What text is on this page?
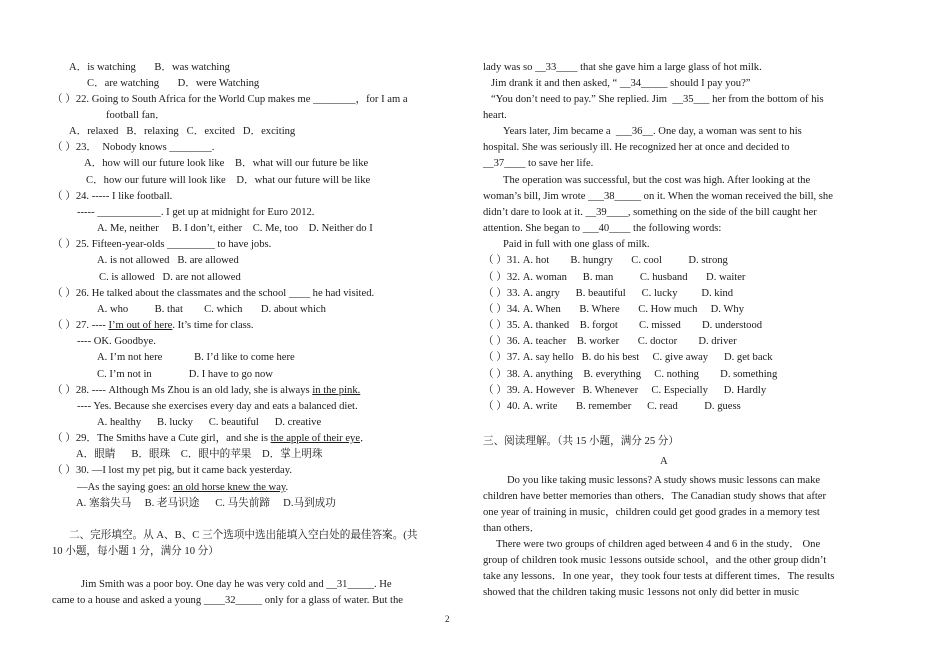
A．is watching       B．was watching
C．are watching       D．were Watching
（ ）22. Going to South Africa for the World Cup makes me ________，for I am a
football fan．
A．relaxed   B．relaxing   C．excited   D．exciting
（ ）23．  Nobody knows ________.
A．how will our future look like    B．what will our future be like
C．how our future will look like    D．what our future will be like
（ ）24. ----- I like football.
----- ____________. I get up at midnight for Euro 2012.
A. Me, neither     B. I don’t, either    C. Me, too    D. Neither do I
（ ）25. Fifteen-year-olds _________ to have jobs.
A. is not allowed   B. are allowed
C. is allowed   D. are not allowed
（ ）26. He talked about the classmates and the school ____ he had visited.
A. who          B. that        C. which       D. about which
（ ）27. ---- I’m out of here. It’s time for class.
---- OK. Goodbye.
A. I’m not here            B. I’d like to come here
C. I’m not in              D. I have to go now
（ ）28. ---- Although Ms Zhou is an old lady, she is always in the pink.
---- Yes. Because she exercises every day and eats a balanced diet.
A. healthy      B. lucky      C. beautiful      D. creative
（ ）29．The Smiths have a Cute girl，and she is the apple of their eye．
A．眼睛      B．眼珠    C．眼中的苹果    D．掌上明珠
（ ）30. —I lost my pet pig, but it came back yesterday.
—As the saying goes: an old horse knew the way.
A. 塞翁失马     B. 老马识途      C. 马失前蹄     D.马到成功
二、完形填空。从 A、B、C 三个选项中选出能填入空白处的最佳答案。(共
10 小题，每小题 1 分，满分 10 分）
Jim Smith was a poor boy. One day he was very cold and __31_____. He
came to a house and asked a young ____32_____ only for a glass of water. But the
lady was so __33____ that she gave him a large glass of hot milk.
Jim drank it and then asked, “ __34_____ should I pay you?”
“You don’t need to pay.” She replied. Jim  __35___ her from the bottom of his
heart.
Years later, Jim became a  ___36__. One day, a woman was sent to his
hospital. She was seriously ill. He recognized her at once and decided to
__37____ to save her life.
The operation was successful, but the cost was high. After looking at the
woman’s bill, Jim wrote ___38_____ on it. When the woman received the bill, she
didn’t dare to look at it. __39____, something on the side of the bill caught her
attention. She began to ___40____ the following words:
Paid in full with one glass of milk.
（ ）31. A. hot        B. hungry       C. cool          D. strong
（ ）32. A. woman      B. man          C. husband       D. waiter
（ ）33. A. angry      B. beautiful      C. lucky         D. kind
（ ）34. A. When       B. Where       C. How much     D. Why
（ ）35. A. thanked    B. forgot        C. missed        D. understood
（ ）36. A. teacher    B. worker       C. doctor        D. driver
（ ）37. A. say hello   B. do his best     C. give away      D. get back
（ ）38. A. anything    B. everything     C. nothing        D. something
（ ）39. A. However   B. Whenever     C. Especially      D. Hardly
（ ）40. A. write       B. remember      C. read          D. guess
三、阅读理解。（共 15 小题，满分 25 分）
A
Do you like taking music lessons? A study shows music lessons can make
children have better memories than others．The Canadian study shows that after
one year of training in music，children could get good grades in a memory test
than others．
There were two groups of children aged between 4 and 6 in the study． One
group of children took music 1essons outside school，and the other group didn’t
take any lessons．In one year，they took four tests at different times．The results
showed that the children taking music 1essons not only did better in music
2
